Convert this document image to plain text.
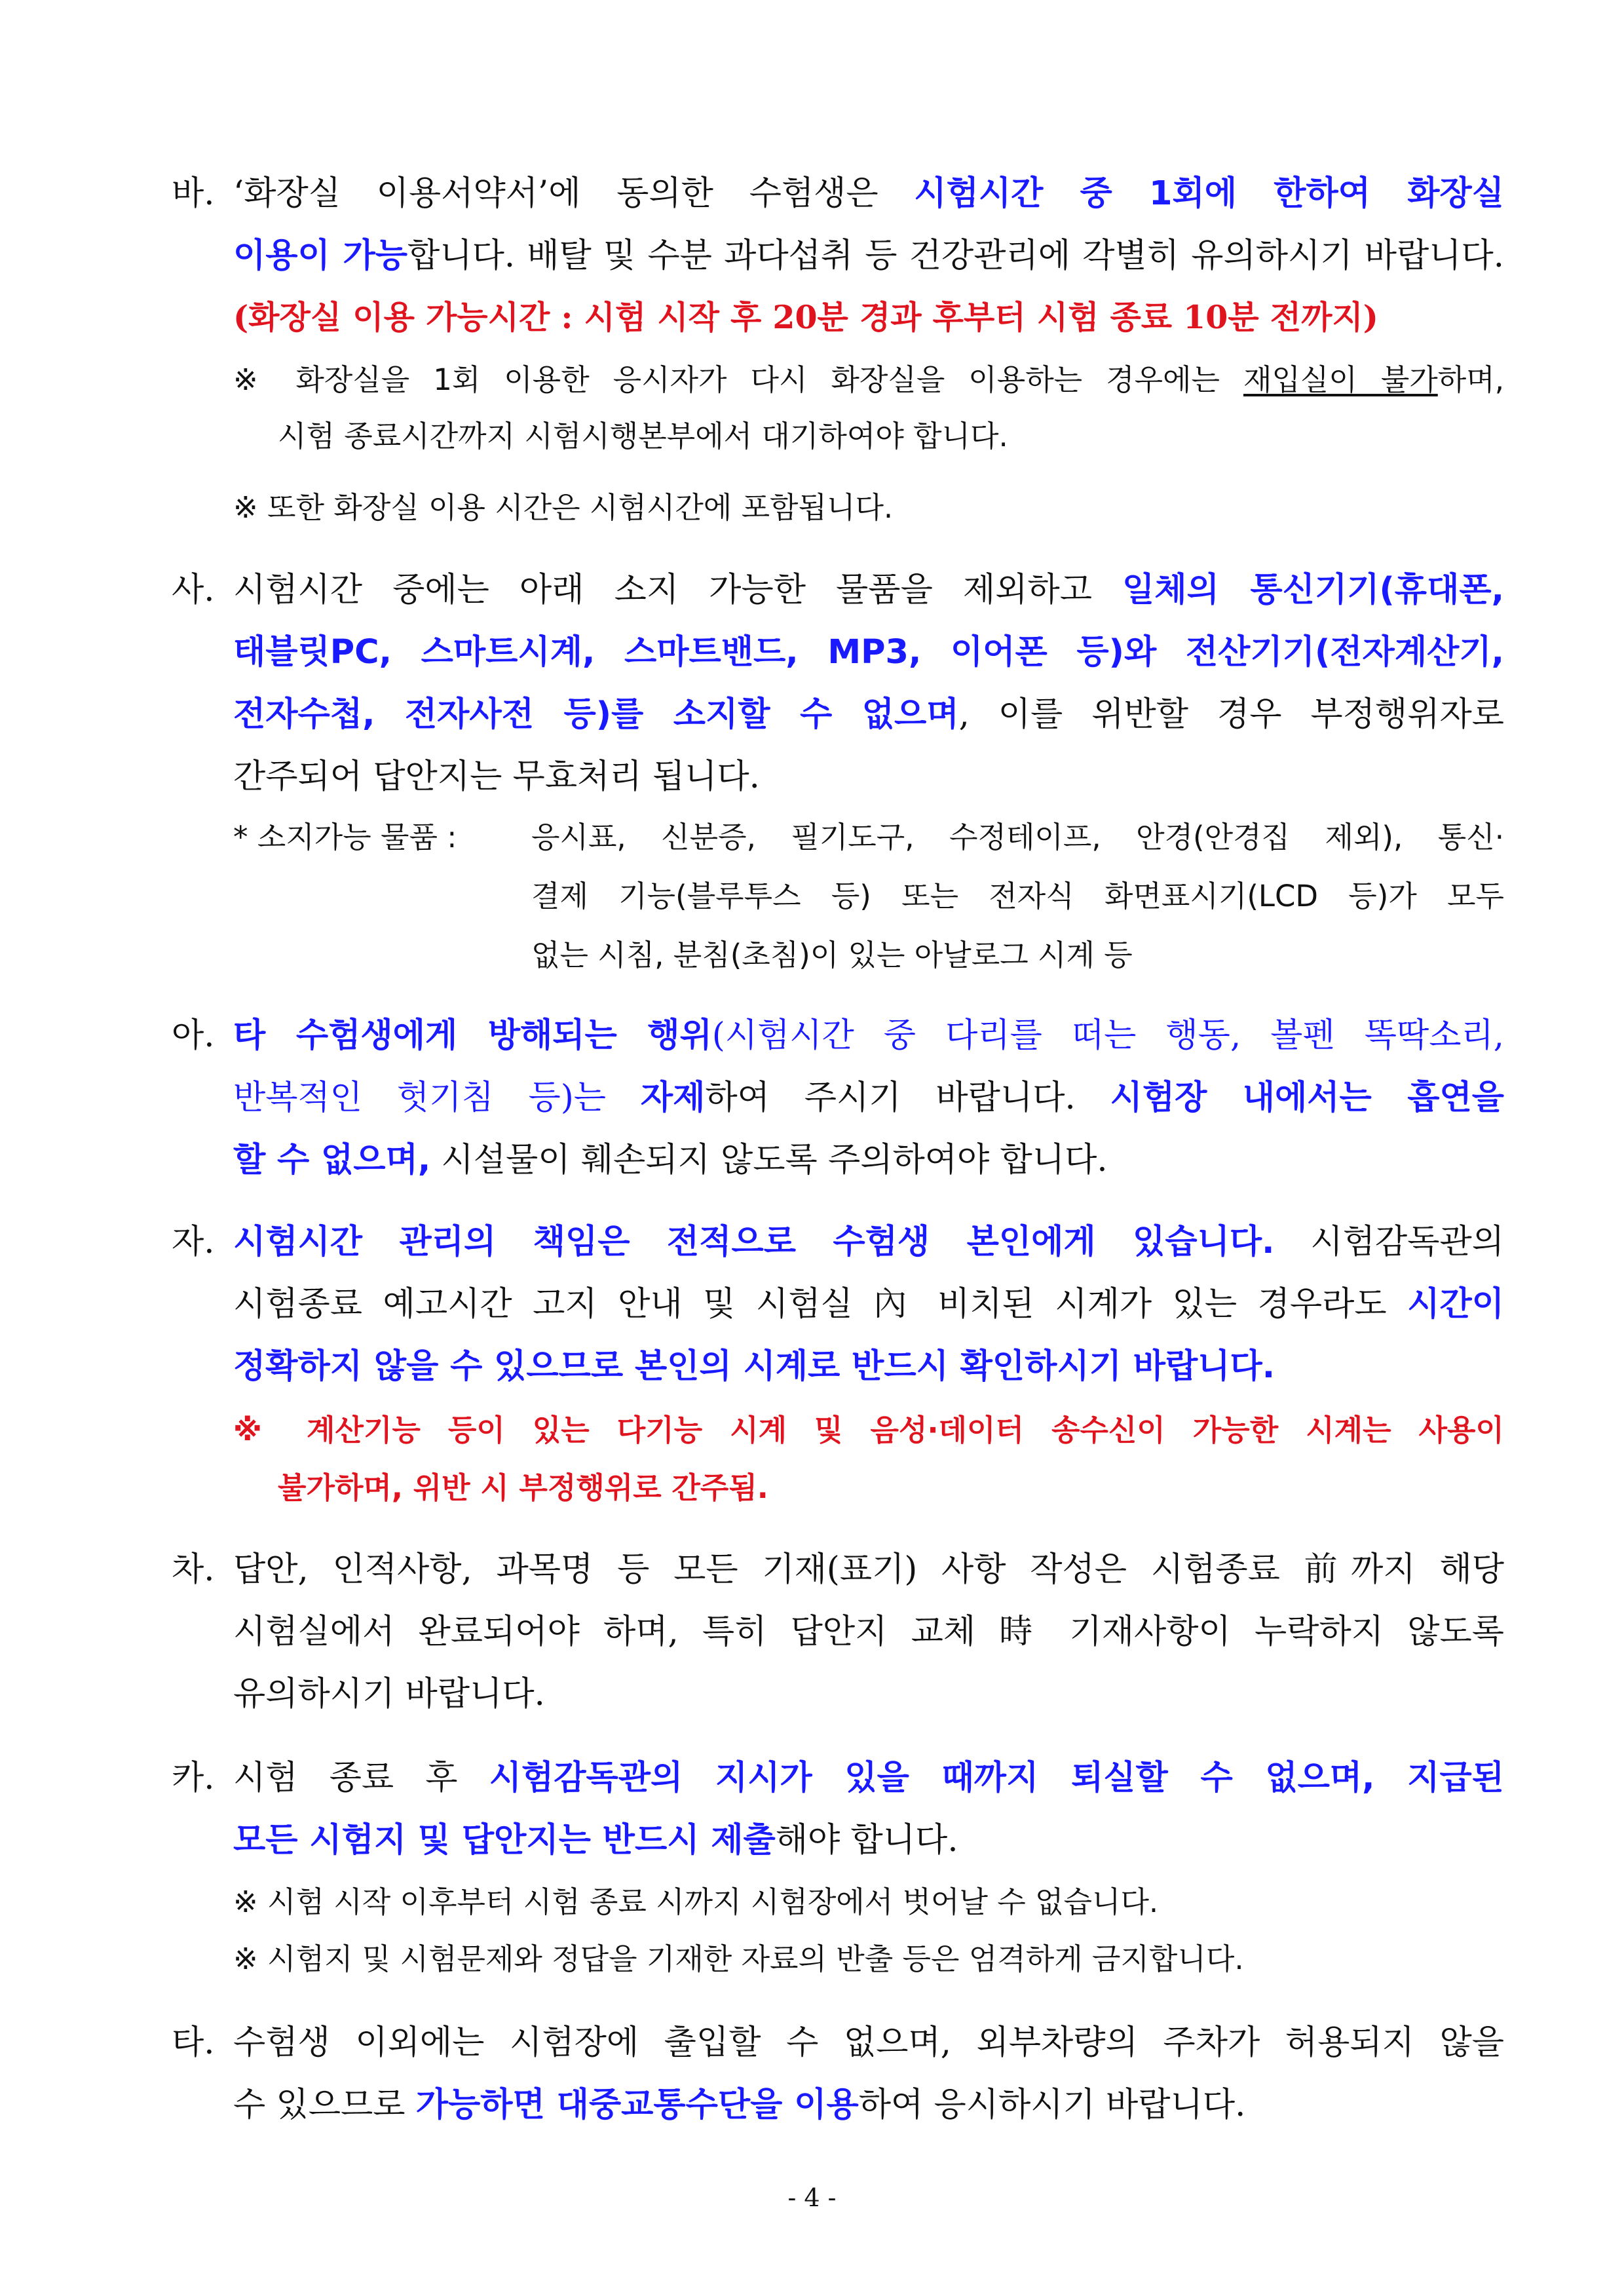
바. ‘화장실 이용서약서’에 동의한 수험생은 시험시간 중 1회에 한하여 화장실
이용이 가능합니다. 배탈 및 수분 과다섭취 등 건강관리에 각별히 유의하시기 바랍니다.
(화장실 이용 가능시간 : 시험 시작 후 20분 경과 후부터 시험 종료 10분 전까지)
※ 화장실을 1회 이용한 응시자가 다시 화장실을 이용하는 경우에는 재입실이 불가하며,
시험 종료시간까지 시험시행본부에서 대기하여야 합니다.
※ 또한 화장실 이용 시간은 시험시간에 포함됩니다.
사. 시험시간 중에는 아래 소지 가능한 물품을 제외하고 일체의 통신기기(휴대폰,
태블릿PC, 스마트시계, 스마트밴드, MP3, 이어폰 등)와 전산기기(전자계산기,
전자수첩, 전자사전 등)를 소지할 수 없으며, 이를 위반할 경우 부정행위자로
간주되어 답안지는 무효처리 됩니다.
* 소지가능 물품 :	응시표, 신분증, 필기도구, 수정테이프, 안경(안경집 제외), 통신·
결제 기능(블루투스 등) 또는 전자식 화면표시기(LCD 등)가 모두
없는 시침, 분침(초침)이 있는 아날로그 시계 등
아. 타 수험생에게 방해되는 행위(시험시간 중 다리를 떠는 행동, 볼펜 똑딱소리,
반복적인 헛기침 등)는 자제하여 주시기 바랍니다. 시험장 내에서는 흡연을
할 수 없으며, 시설물이 훼손되지 않도록 주의하여야 합니다.
자. 시험시간 관리의 책임은 전적으로 수험생 본인에게 있습니다. 시험감독관의
시험종료 예고시간 고지 안내 및 시험실 內 비치된 시계가 있는 경우라도 시간이
정확하지 않을 수 있으므로 본인의 시계로 반드시 확인하시기 바랍니다.
※ 계산기능 등이 있는 다기능 시계 및 음성·데이터 송수신이 가능한 시계는 사용이
불가하며, 위반 시 부정행위로 간주됨.
차. 답안, 인적사항, 과목명 등 모든 기재(표기) 사항 작성은 시험종료 前까지 해당
시험실에서 완료되어야 하며, 특히 답안지 교체 時 기재사항이 누락하지 않도록
유의하시기 바랍니다.
카. 시험 종료 후 시험감독관의 지시가 있을 때까지 퇴실할 수 없으며, 지급된
모든 시험지 및 답안지는 반드시 제출해야 합니다.
※ 시험 시작 이후부터 시험 종료 시까지 시험장에서 벗어날 수 없습니다.
※ 시험지 및 시험문제와 정답을 기재한 자료의 반출 등은 엄격하게 금지합니다.
타. 수험생 이외에는 시험장에 출입할 수 없으며, 외부차량의 주차가 허용되지 않을
수 있으므로 가능하면 대중교통수단을 이용하여 응시하시기 바랍니다.
- 4 -
